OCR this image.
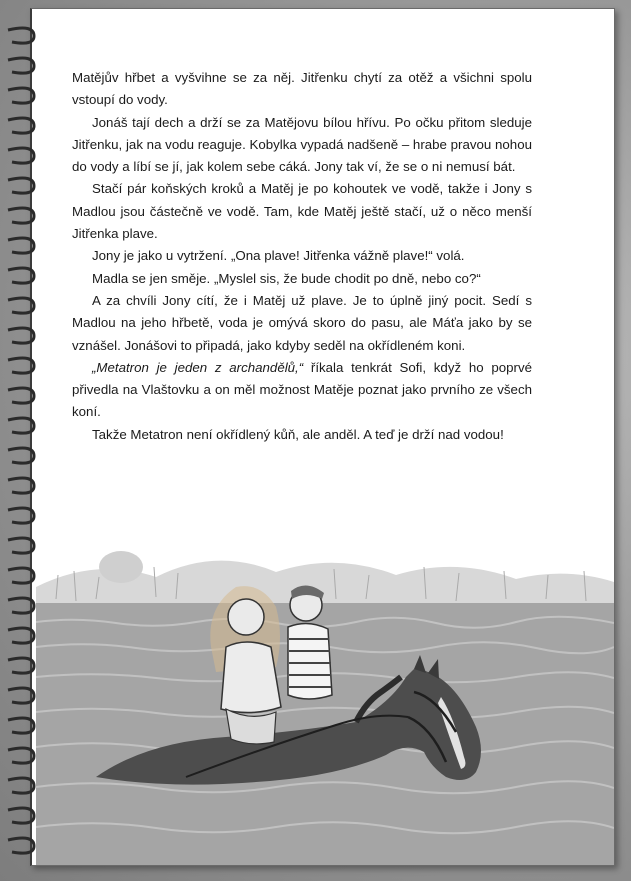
Matějův hřbet a vyšvihne se za něj. Jitřenku chytí za otěž a všichni spolu vstoupí do vody.

Jonáš tají dech a drží se za Matějovu bílou hřívu. Po očku přitom sleduje Jitřenku, jak na vodu reaguje. Kobylka vypadá nadšeně – hrabe pravou nohou do vody a líbí se jí, jak kolem sebe cáká. Jony tak ví, že se o ni nemusí bát.

Stačí pár koňských kroků a Matěj je po kohoutek ve vodě, takže i Jony s Madlou jsou částečně ve vodě. Tam, kde Matěj ještě stačí, už o něco menší Jitřenka plave.

Jony je jako u vytržení. „Ona plave! Jitřenka vážně plave!“ volá.

Madla se jen směje. „Myslel sis, že bude chodit po dně, nebo co?“

A za chvíli Jony cítí, že i Matěj už plave. Je to úplně jiný pocit. Sedí s Madlou na jeho hřbetě, voda je omývá skoro do pasu, ale Máťa jako by se vznášel. Jonášovi to připadá, jako kdyby seděl na okřídleném koni.

„Metatron je jeden z archandělů,“ říkala tenkrát Sofi, když ho poprvé přivedla na Vlaštovku a on měl možnost Matěje poznat jako prvního ze všech koní.

Takže Metatron není okřídlený kůň, ale anděl. A teď je drží nad vodou!
